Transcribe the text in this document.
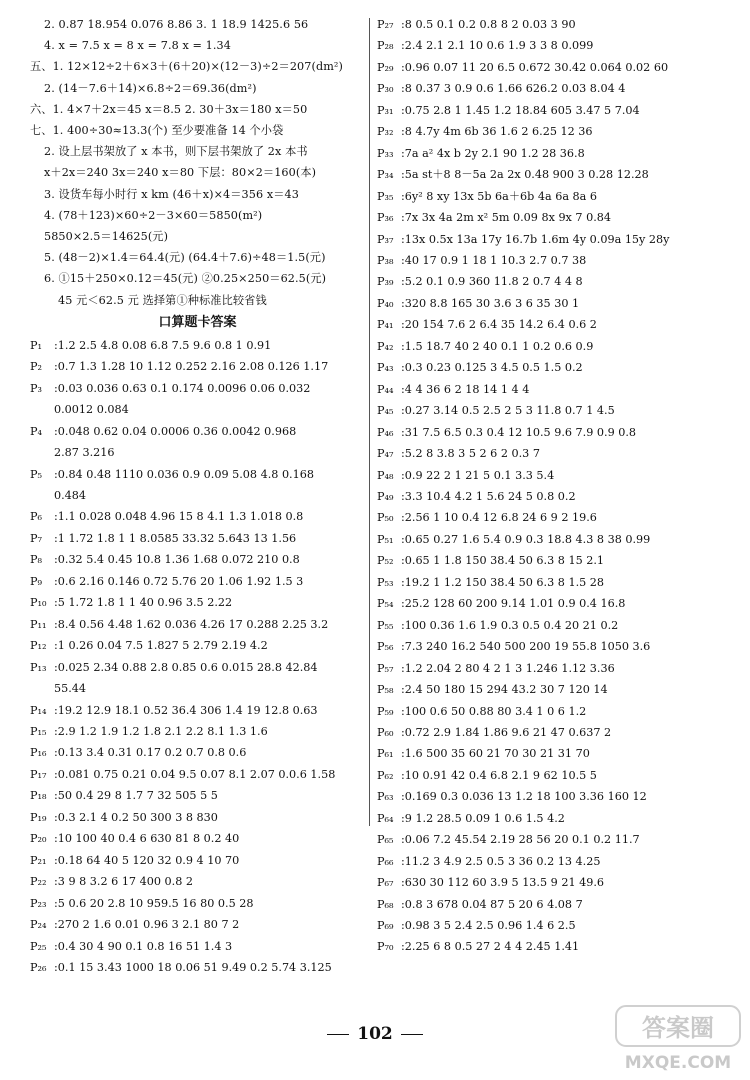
2. 0.87 18.954 0.076 8.86 3. 1 18.9 1425.6 56
4. x = 7.5 x = 8 x = 7.8 x = 1.34
五、1. 12×12÷2＋6×3＋(6＋20)×(12－3)÷2＝207(dm²)
2. (14－7.6＋14)×6.8÷2＝69.36(dm²)
六、1. 4×7＋2x＝45 x＝8.5 2. 30＋3x＝180 x＝50
七、1. 400÷30≈13.3(个) 至少要准备 14 个小袋
2. 设上层书架放了 x 本书，则下层书架放了 2x 本书
x＋2x＝240 3x＝240 x＝80 下层：80×2＝160(本)
3. 设货车每小时行 x km (46＋x)×4＝356 x＝43
4. (78＋123)×60÷2－3×60＝5850(m²)
5850×2.5＝14625(元)
5. (48－2)×1.4＝64.4(元) (64.4＋7.6)÷48＝1.5(元)
6. ①15＋250×0.12＝45(元) ②0.25×250＝62.5(元)
45 元＜62.5 元 选择第①种标准比较省钱
口算题卡答案
P₁ :1.2 2.5 4.8 0.08 6.8 7.5 9.6 0.8 1 0.91
P₂ :0.7 1.3 1.28 10 1.12 0.252 2.16 2.08 0.126 1.17
P₃ :0.03 0.036 0.63 0.1 0.174 0.0096 0.06 0.032
0.0012 0.084
P₄ :0.048 0.62 0.04 0.0006 0.36 0.0042 0.968
2.87 3.216
P₅ :0.84 0.48 1110 0.036 0.9 0.09 5.08 4.8 0.168
0.484
P₆ :1.1 0.028 0.048 4.96 15 8 4.1 1.3 1.018 0.8
P₇ :1 1.72 1.8 1 1 8.0585 33.32 5.643 13 1.56
P₈ :0.32 5.4 0.45 10.8 1.36 1.68 0.072 210 0.8
P₉ :0.6 2.16 0.146 0.72 5.76 20 1.06 1.92 1.5 3
P₁₀ :5 1.72 1.8 1 1 40 0.96 3.5 2.22
P₁₁ :8.4 0.56 4.48 1.62 0.036 4.26 17 0.288 2.25 3.2
P₁₂ :1 0.26 0.04 7.5 1.827 5 2.79 2.19 4.2
P₁₃ :0.025 2.34 0.88 2.8 0.85 0.6 0.015 28.8 42.84
55.44
P₁₄ :19.2 12.9 18.1 0.52 36.4 306 1.4 19 12.8 0.63
P₁₅ :2.9 1.2 1.9 1.2 1.8 2.1 2.2 8.1 1.3 1.6
P₁₆ :0.13 3.4 0.31 0.17 0.2 0.7 0.8 0.6
P₁₇ :0.081 0.75 0.21 0.04 9.5 0.07 8.1 2.07 0.0.6 1.58
P₁₈ :50 0.4 29 8 1.7 7 32 505 5 5
P₁₉ :0.3 2.1 4 0.2 50 300 3 8 830
P₂₀ :10 100 40 0.4 6 630 81 8 0.2 40
P₂₁ :0.18 64 40 5 120 32 0.9 4 10 70
P₂₂ :3 9 8 3.2 6 17 400 0.8 2
P₂₃ :5 0.6 20 2.8 10 959.5 16 80 0.5 28
P₂₄ :270 2 1.6 0.01 0.96 3 2.1 80 7 2
P₂₅ :0.4 30 4 90 0.1 0.8 16 51 1.4 3
P₂₆ :0.1 15 3.43 1000 18 0.06 51 9.49 0.2 5.74 3.125
P₂₇ :8 0.5 0.1 0.2 0.8 8 2 0.03 3 90
P₂₈ :2.4 2.1 2.1 10 0.6 1.9 3 3 8 0.099
P₂₉ :0.96 0.07 11 20 6.5 0.672 30.42 0.064 0.02 60
P₃₀ :8 0.37 3 0.9 0.6 1.66 626.2 0.03 8.04 4
P₃₁ :0.75 2.8 1 1.45 1.2 18.84 605 3.47 5 7.04
P₃₂ :8 4.7y 4m 6b 36 1.6 2 6.25 12 36
P₃₃ :7a a² 4x b 2y 2.1 90 1.2 28 36.8
P₃₄ :5a st＋8 8－5a 2a 2x 0.48 900 3 0.28 12.28
P₃₅ :6y² 8 xy 13x 5b 6a＋6b 4a 6a 8a 6
P₃₆ :7x 3x 4a 2m x² 5m 0.09 8x 9x 7 0.84
P₃₇ :13x 0.5x 13a 17y 16.7b 1.6m 4y 0.09a 15y 28y
P₃₈ :40 17 0.9 1 18 1 10.3 2.7 0.7 38
P₃₉ :5.2 0.1 0.9 360 11.8 2 0.7 4 4 8
P₄₀ :320 8.8 165 30 3.6 3 6 35 30 1
P₄₁ :20 154 7.6 2 6.4 35 14.2 6.4 0.6 2
P₄₂ :1.5 18.7 40 2 40 0.1 1 0.2 0.6 0.9
P₄₃ :0.3 0.23 0.125 3 4.5 0.5 1.5 0.2
P₄₄ :4 4 36 6 2 18 14 1 4 4
P₄₅ :0.27 3.14 0.5 2.5 2 5 3 11.8 0.7 1 4.5
P₄₆ :31 7.5 6.5 0.3 0.4 12 10.5 9.6 7.9 0.9 0.8
P₄₇ :5.2 8 3.8 3 5 2 6 2 0.3 7
P₄₈ :0.9 22 2 1 21 5 0.1 3.3 5.4
P₄₉ :3.3 10.4 4.2 1 5.6 24 5 0.8 0.2
P₅₀ :2.56 1 10 0.4 12 6.8 24 6 9 2 19.6
P₅₁ :0.65 0.27 1.6 5.4 0.9 0.3 18.8 4.3 8 38 0.99
P₅₂ :0.65 1 1.8 150 38.4 50 6.3 8 15 2.1
P₅₃ :19.2 1 1.2 150 38.4 50 6.3 8 1.5 28
P₅₄ :25.2 128 60 200 9.14 1.01 0.9 0.4 16.8
P₅₅ :100 0.36 1.6 1.9 0.3 0.5 0.4 20 21 0.2
P₅₆ :7.3 240 16.2 540 500 200 19 55.8 1050 3.6
P₅₇ :1.2 2.04 2 80 4 2 1 3 1.246 1.12 3.36
P₅₈ :2.4 50 180 15 294 43.2 30 7 120 14
P₅₉ :100 0.6 50 0.88 80 3.4 1 0 6 1.2
P₆₀ :0.72 2.9 1.84 1.86 9.6 21 47 0.637 2
P₆₁ :1.6 500 35 60 21 70 30 21 31 70
P₆₂ :10 0.91 42 0.4 6.8 2.1 9 62 10.5 5
P₆₃ :0.169 0.3 0.036 13 1.2 18 100 3.36 160 12
P₆₄ :9 1.2 28.5 0.09 1 0.6 1.5 4.2
P₆₅ :0.06 7.2 45.54 2.19 28 56 20 0.1 0.2 11.7
P₆₆ :11.2 3 4.9 2.5 0.5 3 36 0.2 13 4.25
P₆₇ :630 30 112 60 3.9 5 13.5 9 21 49.6
P₆₈ :0.8 3 678 0.04 87 5 20 6 4.08 7
P₆₉ :0.98 3 5 2.4 2.5 0.96 1.4 6 2.5
P₇₀ :2.25 6 8 0.5 27 2 4 4 2.45 1.41
102	答案圈
MXQE.COM
